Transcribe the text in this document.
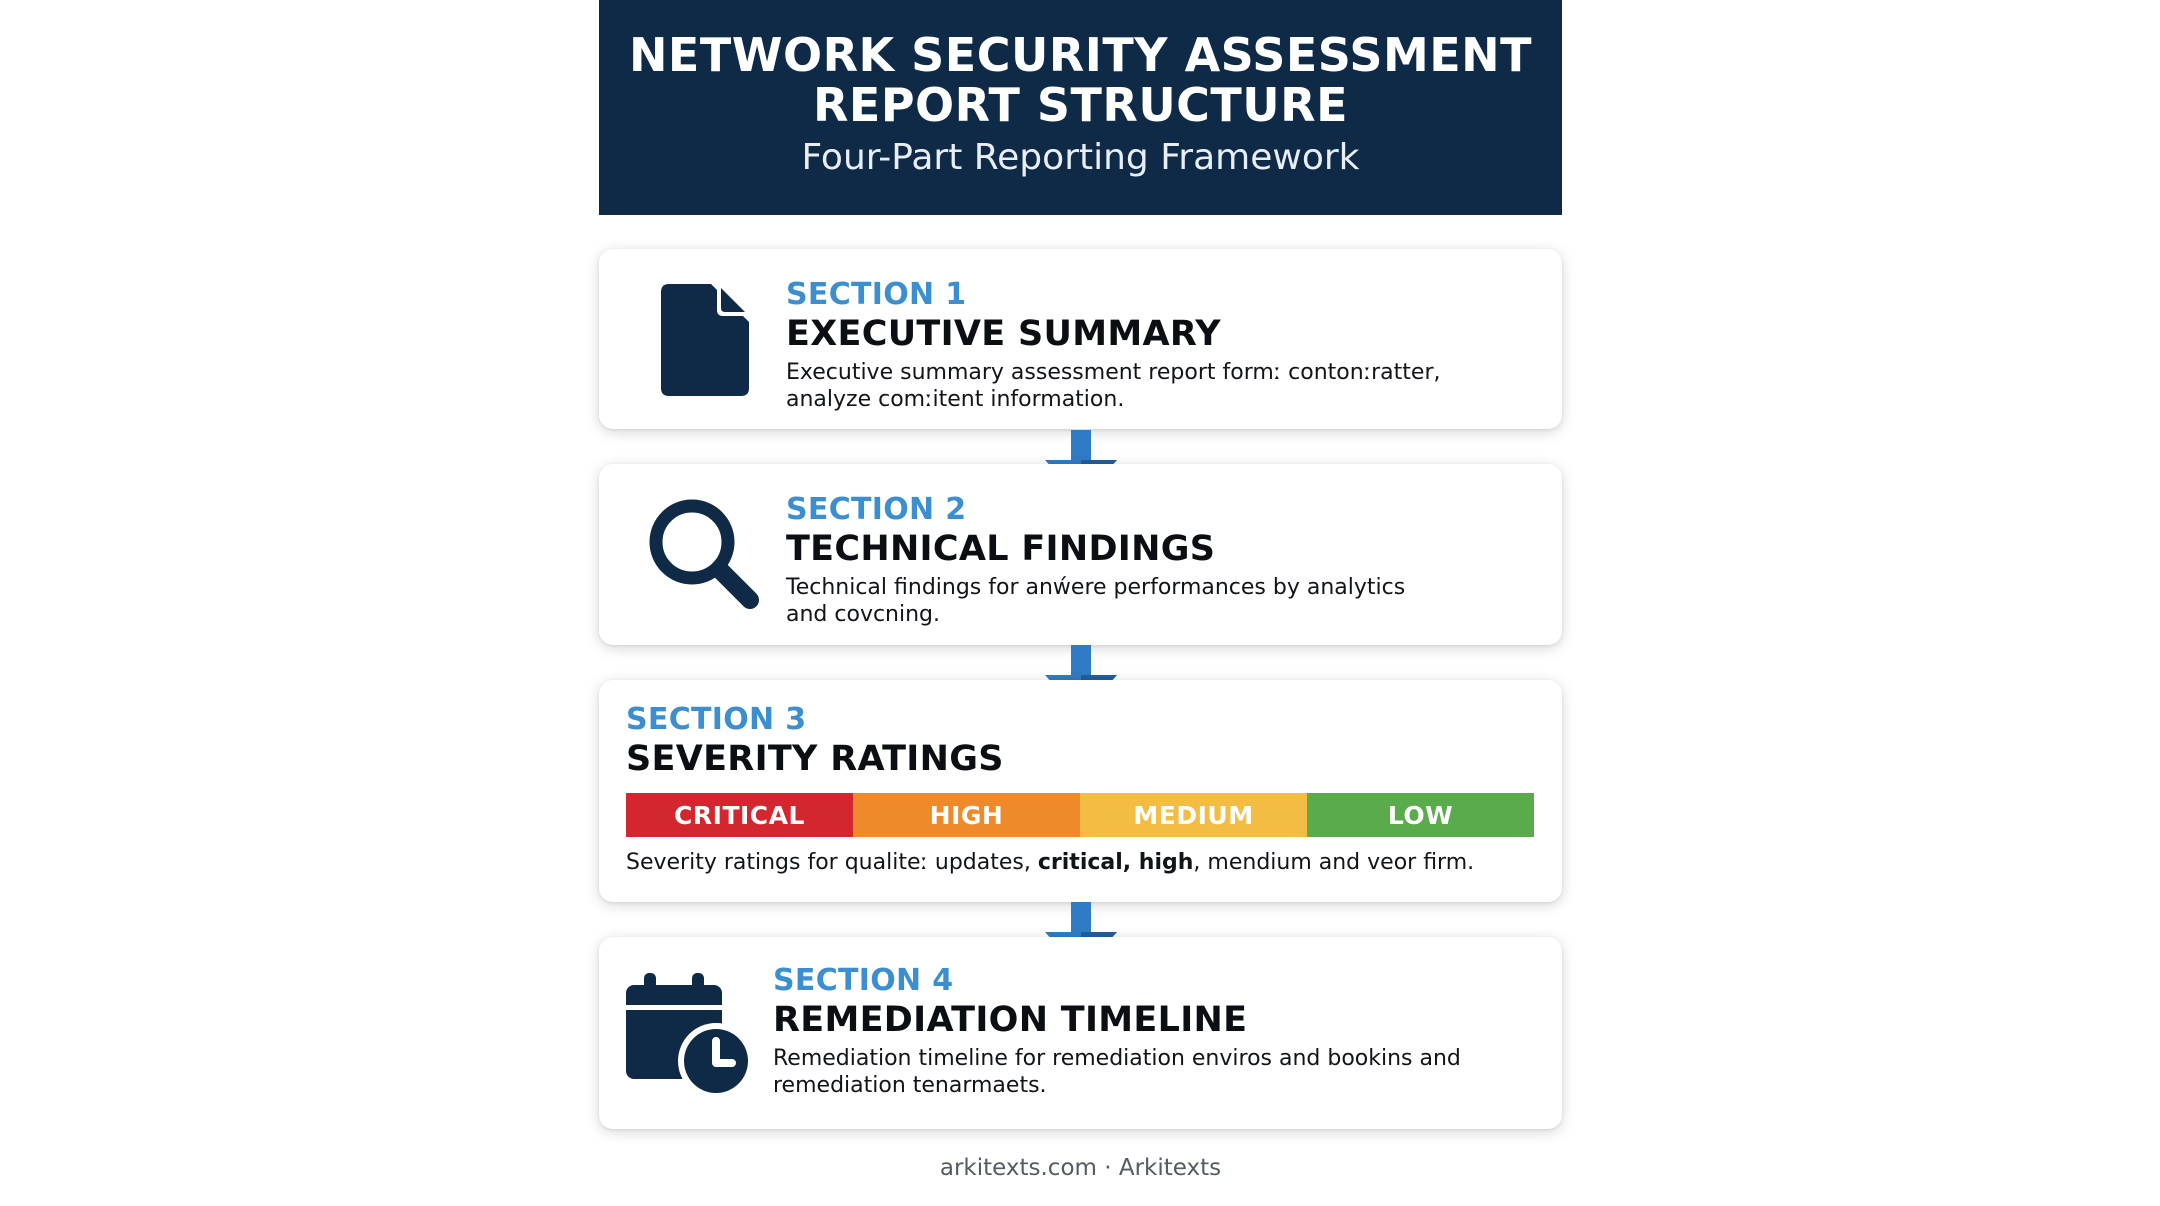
NETWORK SECURITY ASSESSMENT
REPORT STRUCTURE
Four-Part Reporting Framework
SECTION 1
EXECUTIVE SUMMARY
Executive summary assessment report formː contonːratter,
analyze comːitent information.
SECTION 2
TECHNICAL FINDINGS
Technical findings for anẃere performances by analytics
and covcning.
SECTION 3
SEVERITY RATINGS
CRITICAL	HIGH	MEDIUM	LOW
Severity ratings for qualiteː updates, critical, high, mendium and veor firm.
SECTION 4
REMEDIATION TIMELINE
Remediation timeline for remediation enviros and bookins and
remediation tenarmaets.
arkitexts.com · Arkitexts
